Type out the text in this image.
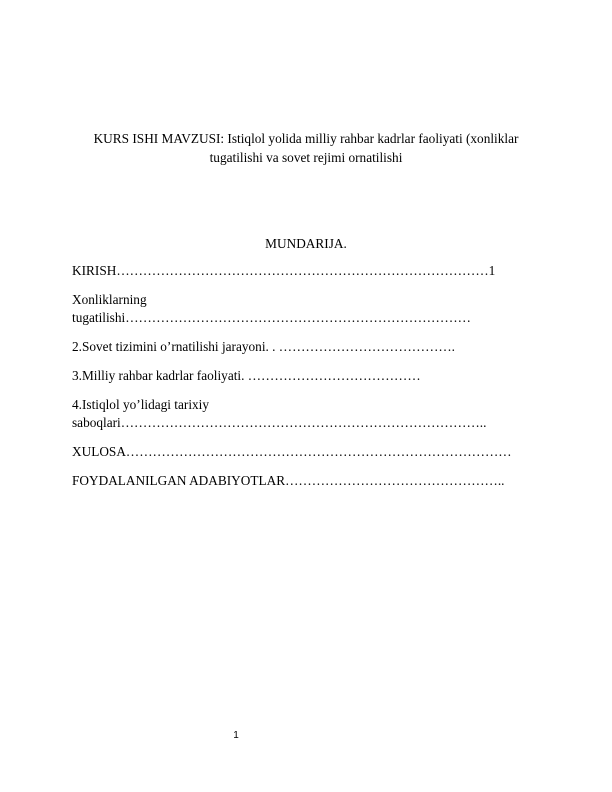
KURS ISHI MAVZUSI: Istiqlol yolida milliy rahbar kadrlar faoliyati (xonliklar
tugatilishi va sovet rejimi ornatilishi
MUNDARIJA.
KIRISH…………………………………………………………………………1
Xonliklarning
tugatilishi……………………………………………………………………
2.Sovet tizimini o’rnatilishi jarayoni. . ………………………………….
3.Milliy rahbar kadrlar faoliyati. …………………………………
4.Istiqlol yo’lidagi tarixiy
saboqlari………………………………………………………………………..
XULOSA……………………………………………………………………………
FOYDALANILGAN ADABIYOTLAR…………………………………………..
1
